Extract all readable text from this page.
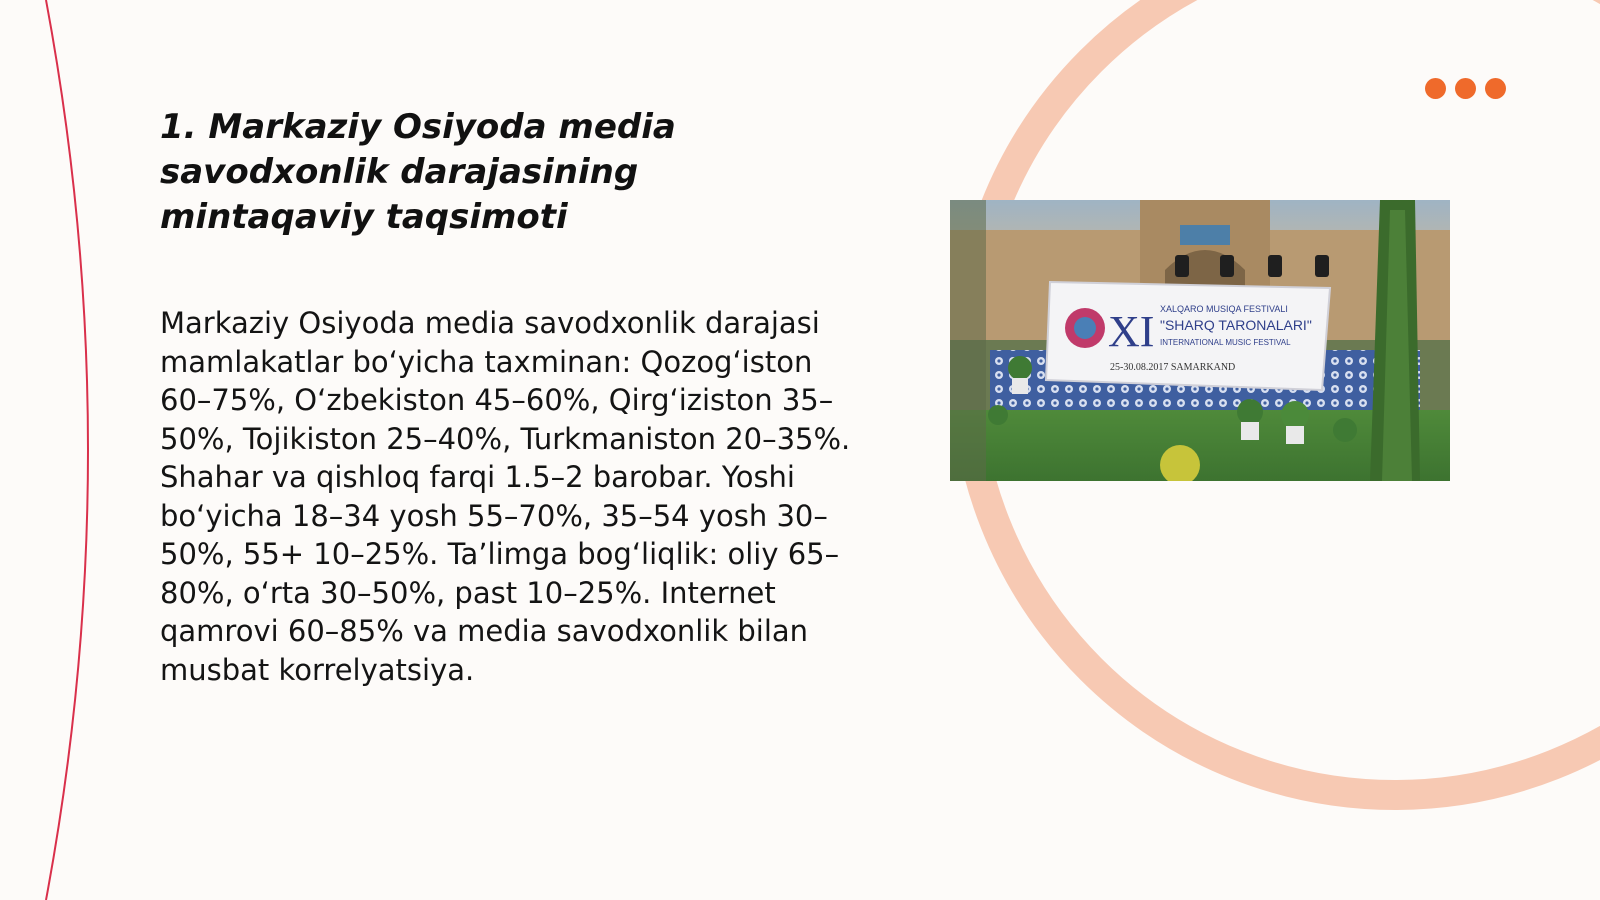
1. Markaziy Osiyoda media savodxonlik darajasining mintaqaviy taqsimoti

Markaziy Osiyoda media savodxonlik darajasi mamlakatlar bo‘yicha taxminan: Qozog‘iston 60–75%, O‘zbekiston 45–60%, Qirg‘iziston 35–50%, Tojikiston 25–40%, Turkmaniston 20–35%. Shahar va qishloq farqi 1.5–2 barobar. Yoshi bo‘yicha 18–34 yosh 55–70%, 35–54 yosh 30–50%, 55+ 10–25%. Ta’limga bog‘liqlik: oliy 65–80%, o‘rta 30–50%, past 10–25%. Internet qamrovi 60–85% va media savodxonlik bilan musbat korrelyatsiya.

XI XALQARO MUSIQA FESTIVALI
"SHARQ TARONALARI"
INTERNATIONAL MUSIC FESTIVAL
25-30.08.2017 SAMARKAND
